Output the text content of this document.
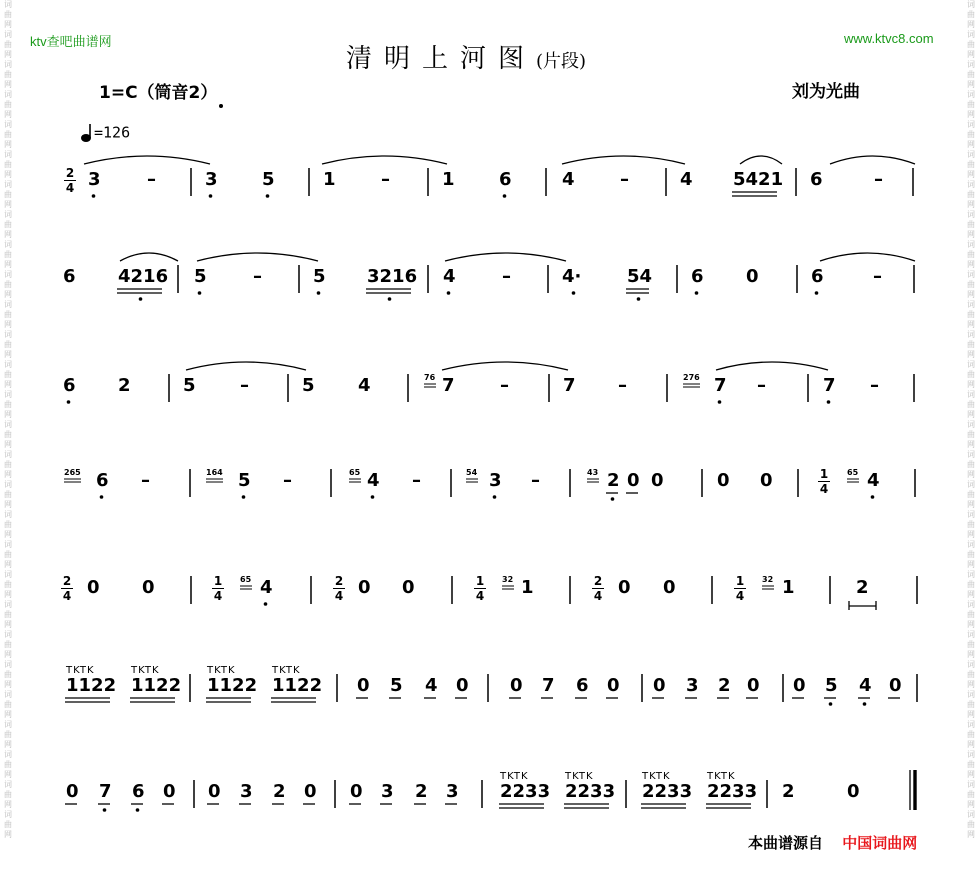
词曲网词曲网词曲网词曲网词曲网词曲网词曲网词曲网词曲网词曲网词曲网词曲网词曲网词曲网词曲网词曲网词曲网词曲网词曲网词曲网词曲网词曲网词曲网词曲网词曲网词曲网词曲网词曲网
词曲网词曲网词曲网词曲网词曲网词曲网词曲网词曲网词曲网词曲网词曲网词曲网词曲网词曲网词曲网词曲网词曲网词曲网词曲网词曲网词曲网词曲网词曲网词曲网词曲网词曲网词曲网词曲网
ktv查吧曲谱网	www.ktvc8.com
清明上河图(片段)
1=C（筒音2）	刘为光曲
=126
2
4 3	–	3 5	1	–	1 6	4	–	4 5421 6	–
6 4216 5	–	5 3216 4	–	4·	54 6 0	6	–
6 2	5 –	5 4	76 7	–	7 –	276 7 –	7 –
265 6 –	164 5 –	65 4 –	54 3 –	43 2 0 0	0 0	1
4
65 4
2
4 0 0	1
4
65 4	2
4 0 0	1
4
32 1	2
4 0 0	1
4
32 1	2
TKTK
1122
TKTK
1122
TKTK
1122
TKTK
1122 0 5 4 0 0 7 6 0 0 3 2 0 0 5 4 0
0 7 6 0 0 3 2 0 0 3 2 3
TKTK
2233
TKTK
2233
TKTK
2233
TKTK
2233 2	0
本曲谱源自 中国词曲网
